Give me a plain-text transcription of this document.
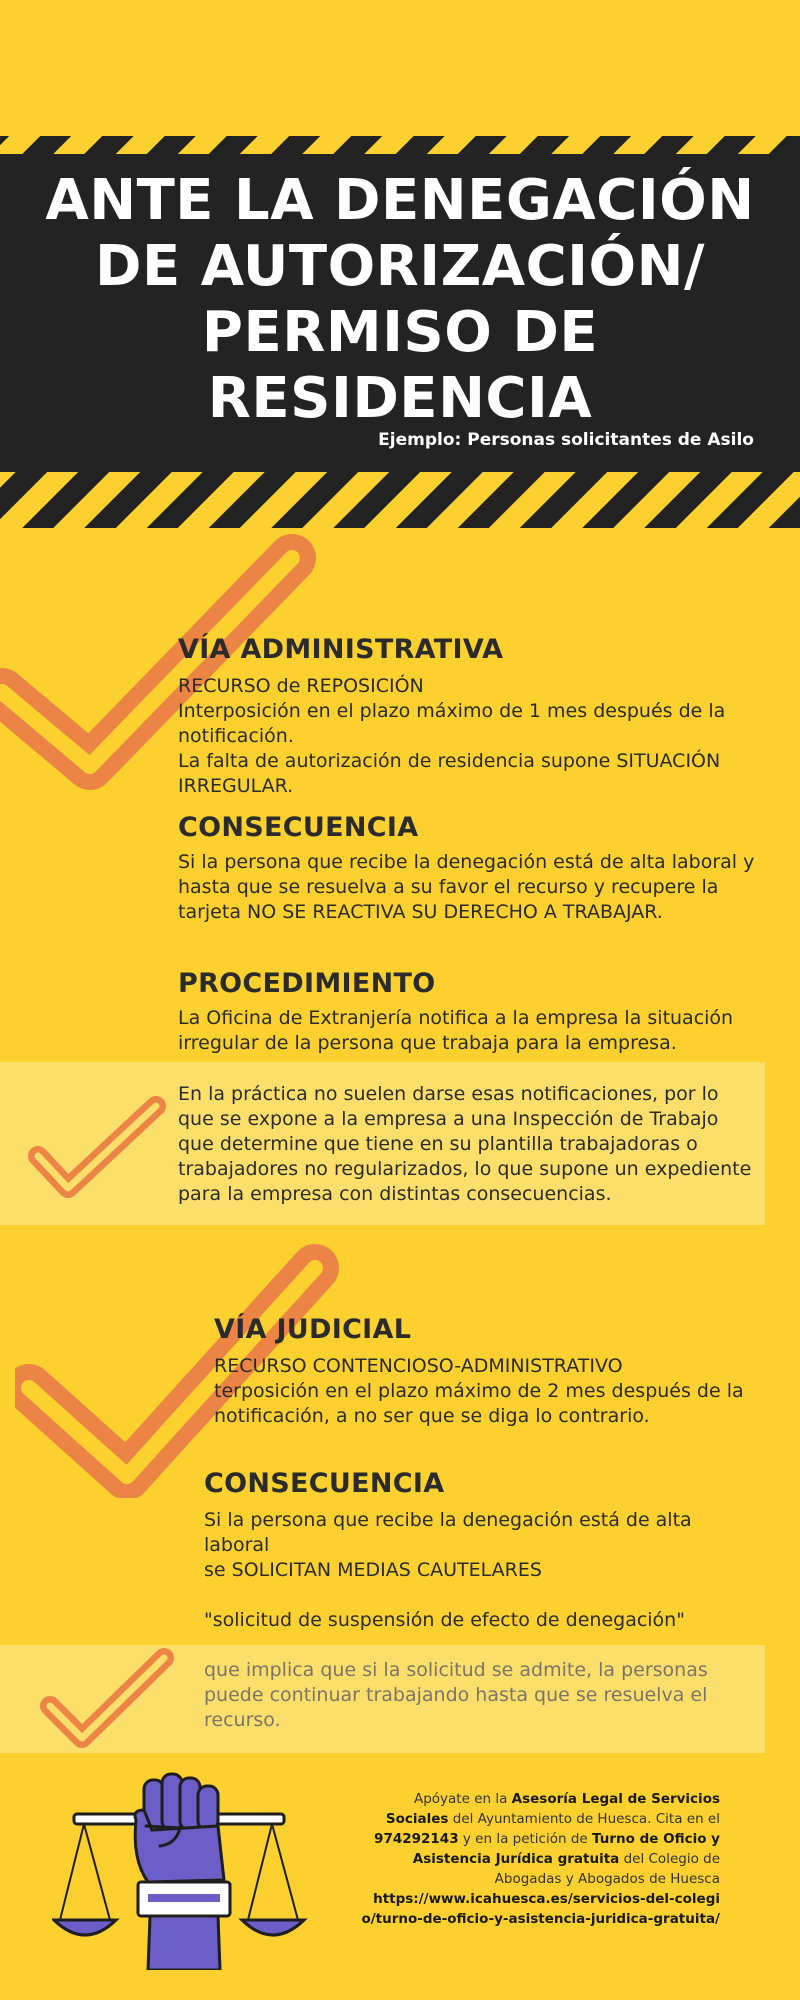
ANTE LA DENEGACIÓN DE AUTORIZACIÓN/ PERMISO DE RESIDENCIA
Ejemplo: Personas solicitantes de Asilo
VÍA ADMINISTRATIVA
RECURSO de REPOSICIÓN
Interposición en el plazo máximo de 1 mes después de la notificación.
La falta de autorización de residencia supone SITUACIÓN IRREGULAR.
CONSECUENCIA
Si la persona que recibe la denegación está de alta laboral y hasta que se resuelva a su favor el recurso y recupere la tarjeta NO SE REACTIVA SU DERECHO A TRABAJAR.
PROCEDIMIENTO
La Oficina de Extranjería notifica a la empresa la situación irregular de la persona que trabaja para la empresa.
En la práctica no suelen darse esas notificaciones, por lo que se expone a la empresa a una Inspección de Trabajo que determine que tiene en su plantilla trabajadoras o trabajadores no regularizados, lo que supone un expediente para la empresa con distintas consecuencias.
VÍA JUDICIAL
RECURSO CONTENCIOSO-ADMINISTRATIVO
terposición en el plazo máximo de 2 mes después de la notificación, a no ser que se diga lo contrario.
CONSECUENCIA
Si la persona que recibe la denegación está de alta laboral
se SOLICITAN MEDIAS CAUTELARES
"solicitud de suspensión de efecto de denegación"
que implica que si la solicitud se admite, la personas puede continuar trabajando hasta que se resuelva el recurso.
Apóyate en la Asesoría Legal de Servicios Sociales del Ayuntamiento de Huesca. Cita en el 974292143 y en la petición de Turno de Oficio y Asistencia Jurídica gratuita del Colegio de Abogadas y Abogados de Huesca
https://www.icahuesca.es/servicios-del-colegio/turno-de-oficio-y-asistencia-juridica-gratuita/
